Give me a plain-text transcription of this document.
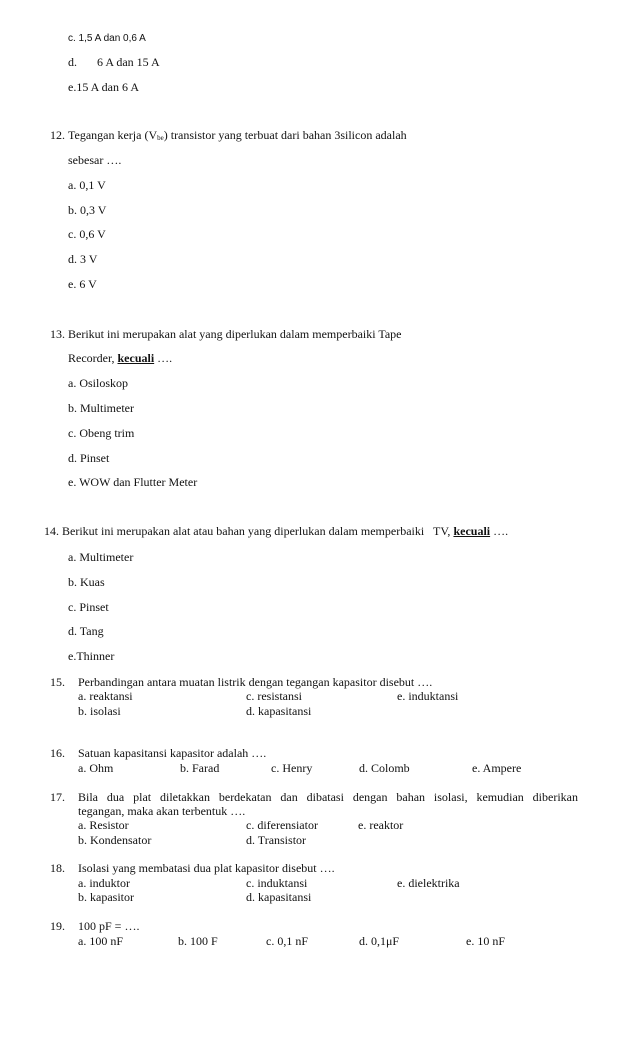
c. 1,5 A dan 0,6 A
d. 6 A dan 15 A
e.15 A dan 6 A
12. Tegangan kerja $(V_{be})$ transistor yang terbuat dari bahan 3silicon adalah
sebesar ….
a. 0,1 V
b. 0,3 V
c. 0,6 V
d. 3 V
e. 6 V
13. Berikut ini merupakan alat yang diperlukan dalam memperbaiki Tape
Recorder, kecuali ….
a. Osiloskop
b. Multimeter
c. Obeng trim
d. Pinset
e. WOW dan Flutter Meter
14. Berikut ini merupakan alat atau bahan yang diperlukan dalam memperbaiki   TV, kecuali ….
a. Multimeter
b. Kuas
c. Pinset
d. Tang
e.Thinner
15. Perbandingan antara muatan listrik dengan tegangan kapasitor disebut ….
a. reaktansi	c. resistansi	e. induktansi
b. isolasi	d. kapasitansi
16. Satuan kapasitansi kapasitor adalah ….
a. Ohm	b. Farad	c. Henry	d. Colomb	e. Ampere
17. Bila dua plat diletakkan berdekatan dan dibatasi dengan bahan isolasi, kemudian diberikan
tegangan, maka akan terbentuk ….
a. Resistor	c. diferensiator	e. reaktor
b. Kondensator	d. Transistor
18. Isolasi yang membatasi dua plat kapasitor disebut ….
a. induktor	c. induktansi	e. dielektrika
b. kapasitor	d. kapasitansi
19. 100 pF = ….
a. 100 nF	b. 100 F	c. 0,1 nF	d. 0,1μF	e. 10 nF
